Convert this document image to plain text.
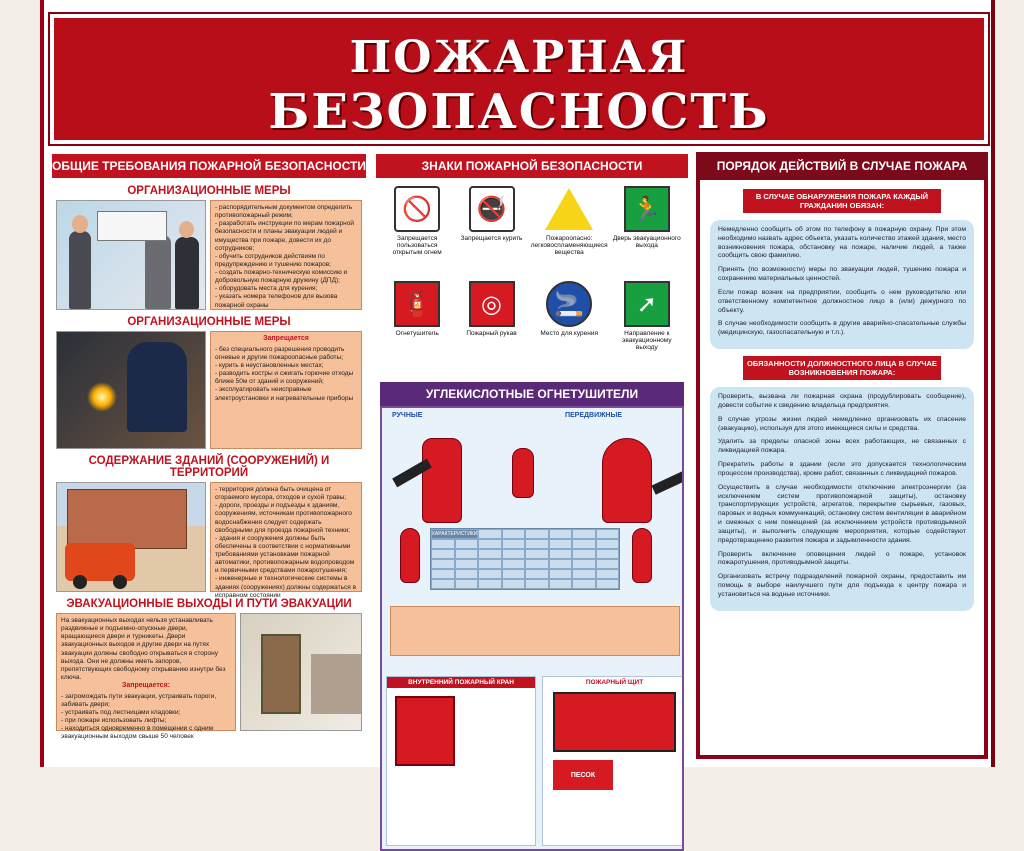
ПОЖАРНАЯ
БЕЗОПАСНОСТЬ
ОБЩИЕ ТРЕБОВАНИЯ ПОЖАРНОЙ БЕЗОПАСНОСТИ
ОРГАНИЗАЦИОННЫЕ МЕРЫ
- распорядительным документом определить противопожарный режим;
- разработать инструкции по мерам пожарной безопасности и планы эвакуации людей и имущества при пожаре, довести их до сотрудников;
- обучить сотрудников действиям по предупреждению и тушению пожаров;
- создать пожарно-техническую комиссию и добровольную пожарную дружину (ДПД);
- оборудовать места для курения;
- указать номера телефонов для вызова пожарной охраны
ОРГАНИЗАЦИОННЫЕ МЕРЫ
Запрещается
- без специального разрешения проводить огневые и другие пожароопасные работы;
- курить в неустановленных местах;
- разводить костры и сжигать горючие отходы ближе 50м от зданий и сооружений;
- эксплуатировать неисправные электроустановки и нагревательные приборы
СОДЕРЖАНИЕ ЗДАНИЙ (СООРУЖЕНИЙ) И ТЕРРИТОРИЙ
- территория должна быть очищена от сгораемого мусора, отходов и сухой травы;
- дороги, проезды и подъезды к зданиям, сооружениям, источникам противопожарного водоснабжения следует содержать свободными для проезда пожарной техники;
- здания и сооружения должны быть обеспечены в соответствии с нормативными требованиями установками пожарной автоматики, противопожарным водопроводом и первичными средствами пожаротушения;
- инженерные и технологические системы в зданиях (сооружениях) должны содержаться в исправном состоянии
ЭВАКУАЦИОННЫЕ ВЫХОДЫ И ПУТИ ЭВАКУАЦИИ
На эвакуационных выходах нельзя устанавливать раздвижные и подъемно-опускные двери, вращающиеся двери и турникеты. Двери эвакуационных выходов и другие двери на путях эвакуации должны свободно открываться в сторону выхода. Они не должны иметь запоров, препятствующих свободному открыванию изнутри без ключа.
Запрещается:
- загромождать пути эвакуации, устраивать пороги, забивать двери;
- устраивать под лестницами кладовки;
- при пожаре использовать лифты;
- находиться одновременно в помещении с одним эвакуационным выходом свыше 50 человек
ЗНАКИ ПОЖАРНОЙ БЕЗОПАСНОСТИ
🚫
Запрещается пользоваться открытым огнем
🚭
Запрещается курить	Пожароопасно: легковоспламеняющиеся вещества
🏃
Дверь эвакуационного выхода
🧯
Огнетушитель
◎
Пожарный рукав
🚬
Место для курения
➚
Направление к эвакуационному выходу
УГЛЕКИСЛОТНЫЕ ОГНЕТУШИТЕЛИ
РУЧНЫЕ	ПЕРЕДВИЖНЫЕ
ХАРАКТЕРИСТИКИ
ВНУТРЕННИЙ ПОЖАРНЫЙ КРАН	ПОЖАРНЫЙ ЩИТ
ПЕСОК
ПОРЯДОК ДЕЙСТВИЙ В СЛУЧАЕ ПОЖАРА
В СЛУЧАЕ ОБНАРУЖЕНИЯ ПОЖАРА КАЖДЫЙ ГРАЖДАНИН ОБЯЗАН:

Немедленно сообщить об этом по телефону в пожарную охрану. При этом необходимо назвать адрес объекта, указать количество этажей здания, место возникновения пожара, обстановку на пожаре, наличие людей, а также сообщить свою фамилию.

Принять (по возможности) меры по эвакуации людей, тушению пожара и сохранению материальных ценностей.

Если пожар возник на предприятии, сообщить о нем руководителю или ответственному компетентное должностное лицо в (или) дежурного по объекту.

В случае необходимости сообщить в другие аварийно-спасательные службы (медицинскую, газоспасательную и т.п.).

ОБЯЗАННОСТИ ДОЛЖНОСТНОГО ЛИЦА В СЛУЧАЕ ВОЗНИКНОВЕНИЯ ПОЖАРА:

Проверить, вызвана ли пожарная охрана (продублировать сообщение), довести событие к сведению владельца предприятия.

В случае угрозы жизни людей немедленно организовать их спасение (эвакуацию), используя для этого имеющиеся силы и средства.

Удалить за пределы опасной зоны всех работающих, не связанных с ликвидацией пожара.

Прекратить работы в здании (если это допускается технологическим процессом производства), кроме работ, связанных с ликвидацией пожаров.

Осуществить в случае необходимости отключение электроэнергии (за исключением систем противопожарной защиты), остановку транспортирующих устройств, агрегатов, перекрытие сырьевых, газовых, паровых и водных коммуникаций, остановку систем вентиляции в аварийном и смежных с ним помещений (за исключением устройств противодымной защиты), и выполнить следующие мероприятия, которые содействуют предотвращению развития пожара и задымленности здания.

Проверить включение оповещения людей о пожаре, установок пожаротушения, противодымной защиты.

Организовать встречу подразделений пожарной охраны, предоставить им помощь в выборе наилучшего пути для подъезда к центру пожара и установиться на водные источники.
